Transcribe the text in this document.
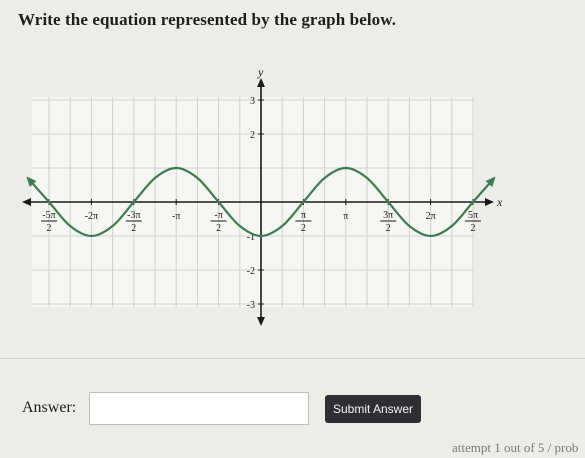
Write the equation represented by the graph below.
x
y
-5π
2
-2π	-3π
2
-π	-π
2
π
2
π	3π
2
2π	5π
2
3
2
-1
-2
-3
Answer:	Submit Answer
attempt 1 out of 5 / prob
